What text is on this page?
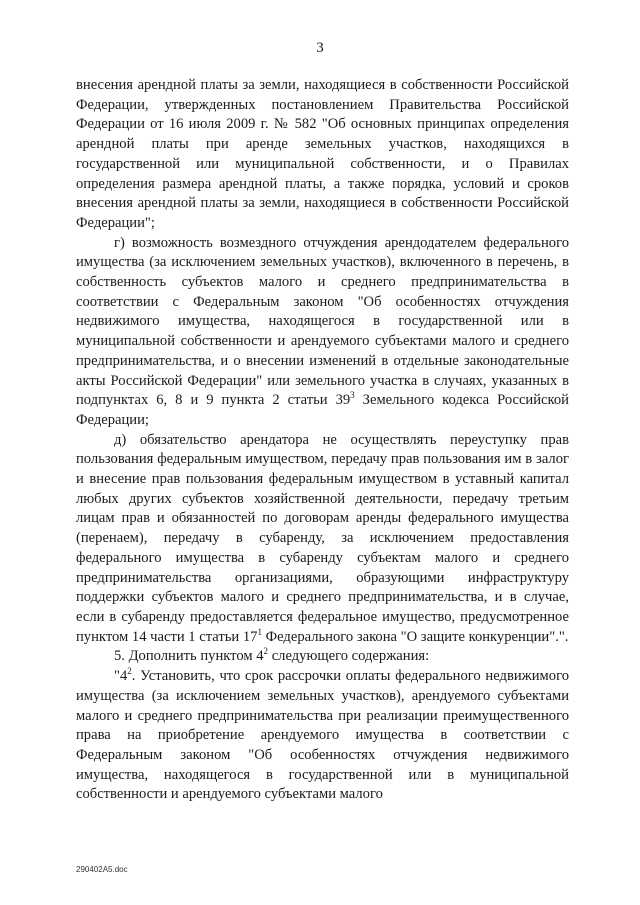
3

внесения арендной платы за земли, находящиеся в собственности Российской Федерации, утвержденных постановлением Правительства Российской Федерации от 16 июля 2009 г. № 582 "Об основных принципах определения арендной платы при аренде земельных участков, находящихся в государственной или муниципальной собственности, и о Правилах определения размера арендной платы, а также порядка, условий и сроков внесения арендной платы за земли, находящиеся в собственности Российской Федерации";

г) возможность возмездного отчуждения арендодателем федерального имущества (за исключением земельных участков), включенного в перечень, в собственность субъектов малого и среднего предпринимательства в соответствии с Федеральным законом "Об особенностях отчуждения недвижимого имущества, находящегося в государственной или в муниципальной собственности и арендуемого субъектами малого и среднего предпринимательства, и о внесении изменений в отдельные законодательные акты Российской Федерации" или земельного участка в случаях, указанных в подпунктах 6, 8 и 9 пункта 2 статьи $39^3$ Земельного кодекса Российской Федерации;

д) обязательство арендатора не осуществлять переуступку прав пользования федеральным имуществом, передачу прав пользования им в залог и внесение прав пользования федеральным имуществом в уставный капитал любых других субъектов хозяйственной деятельности, передачу третьим лицам прав и обязанностей по договорам аренды федерального имущества (перенаем), передачу в субаренду, за исключением предоставления федерального имущества в субаренду субъектам малого и среднего предпринимательства организациями, образующими инфраструктуру поддержки субъектов малого и среднего предпринимательства, и в случае, если в субаренду предоставляется федеральное имущество, предусмотренное пунктом 14 части 1 статьи $17^1$ Федерального закона "О защите конкуренции".".

5. Дополнить пунктом $4^2$ следующего содержания:

"$4^2$. Установить, что срок рассрочки оплаты федерального недвижимого имущества (за исключением земельных участков), арендуемого субъектами малого и среднего предпринимательства при реализации преимущественного права на приобретение арендуемого имущества в соответствии с Федеральным законом "Об особенностях отчуждения недвижимого имущества, находящегося в государственной или в муниципальной собственности и арендуемого субъектами малого

290402A5.doc
